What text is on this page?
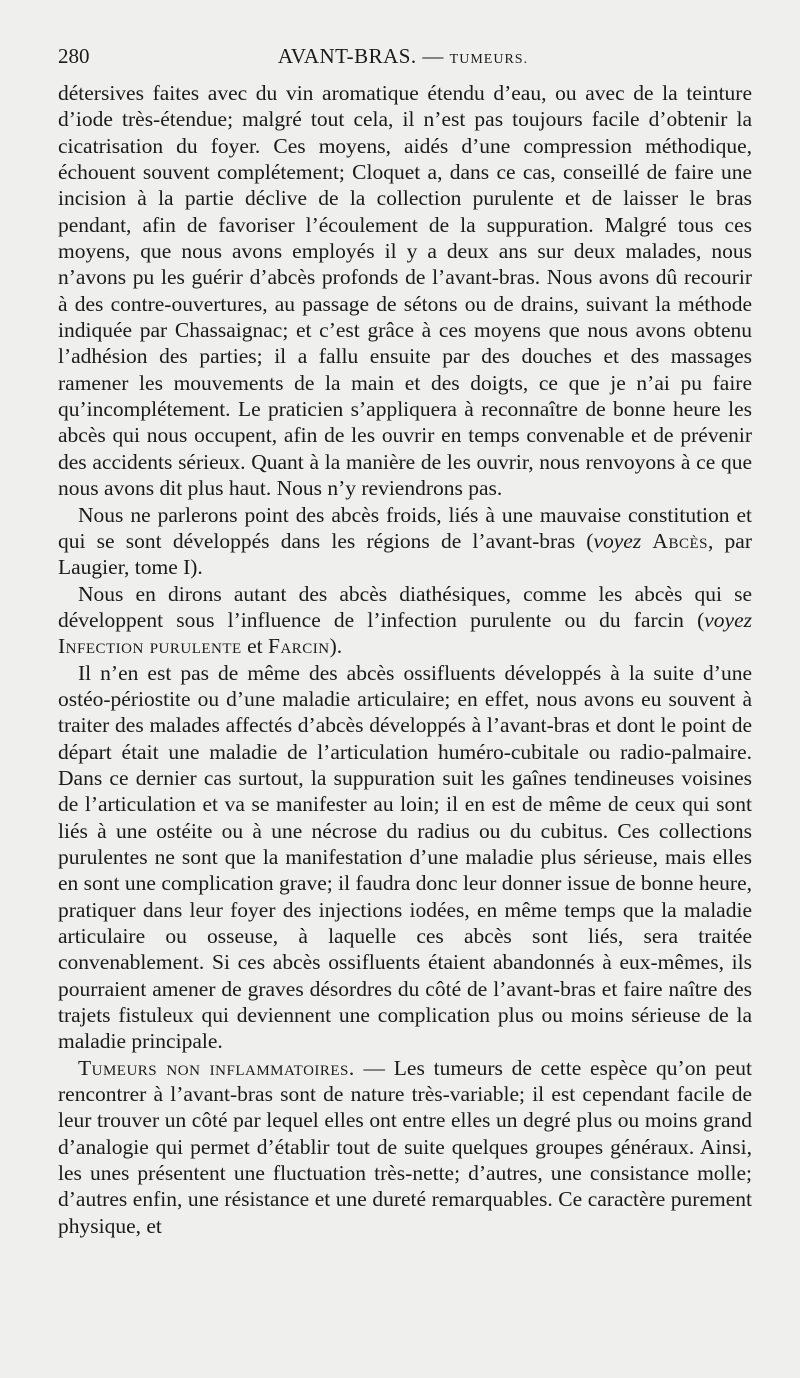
280	AVANT-BRAS. — TUMEURS.

détersives faites avec du vin aromatique étendu d’eau, ou avec de la teinture d’iode très-étendue; malgré tout cela, il n’est pas toujours facile d’obtenir la cicatrisation du foyer. Ces moyens, aidés d’une compression méthodique, échouent souvent complétement; Cloquet a, dans ce cas, conseillé de faire une incision à la partie déclive de la collection purulente et de laisser le bras pendant, afin de favoriser l’écoulement de la suppuration. Malgré tous ces moyens, que nous avons employés il y a deux ans sur deux malades, nous n’avons pu les guérir d’abcès profonds de l’avant-bras. Nous avons dû recourir à des contre-ouvertures, au passage de sétons ou de drains, suivant la méthode indiquée par Chassaignac; et c’est grâce à ces moyens que nous avons obtenu l’adhésion des parties; il a fallu ensuite par des douches et des massages ramener les mouvements de la main et des doigts, ce que je n’ai pu faire qu’incomplétement. Le praticien s’appliquera à reconnaître de bonne heure les abcès qui nous occupent, afin de les ouvrir en temps convenable et de prévenir des accidents sérieux. Quant à la manière de les ouvrir, nous renvoyons à ce que nous avons dit plus haut. Nous n’y reviendrons pas.

Nous ne parlerons point des abcès froids, liés à une mauvaise constitution et qui se sont développés dans les régions de l’avant-bras (voyez Abcès, par Laugier, tome I).

Nous en dirons autant des abcès diathésiques, comme les abcès qui se développent sous l’influence de l’infection purulente ou du farcin (voyez Infection purulente et Farcin).

Il n’en est pas de même des abcès ossifluents développés à la suite d’une ostéo-périostite ou d’une maladie articulaire; en effet, nous avons eu souvent à traiter des malades affectés d’abcès développés à l’avant-bras et dont le point de départ était une maladie de l’articulation huméro-cubitale ou radio-palmaire. Dans ce dernier cas surtout, la suppuration suit les gaînes tendineuses voisines de l’articulation et va se manifester au loin; il en est de même de ceux qui sont liés à une ostéite ou à une nécrose du radius ou du cubitus. Ces collections purulentes ne sont que la manifestation d’une maladie plus sérieuse, mais elles en sont une complication grave; il faudra donc leur donner issue de bonne heure, pratiquer dans leur foyer des injections iodées, en même temps que la maladie articulaire ou osseuse, à laquelle ces abcès sont liés, sera traitée convenablement. Si ces abcès ossifluents étaient abandonnés à eux-mêmes, ils pourraient amener de graves désordres du côté de l’avant-bras et faire naître des trajets fistuleux qui deviennent une complication plus ou moins sérieuse de la maladie principale.

Tumeurs non inflammatoires. — Les tumeurs de cette espèce qu’on peut rencontrer à l’avant-bras sont de nature très-variable; il est cependant facile de leur trouver un côté par lequel elles ont entre elles un degré plus ou moins grand d’analogie qui permet d’établir tout de suite quelques groupes généraux. Ainsi, les unes présentent une fluctuation très-nette; d’autres, une consistance molle; d’autres enfin, une résistance et une dureté remarquables. Ce caractère purement physique, et
